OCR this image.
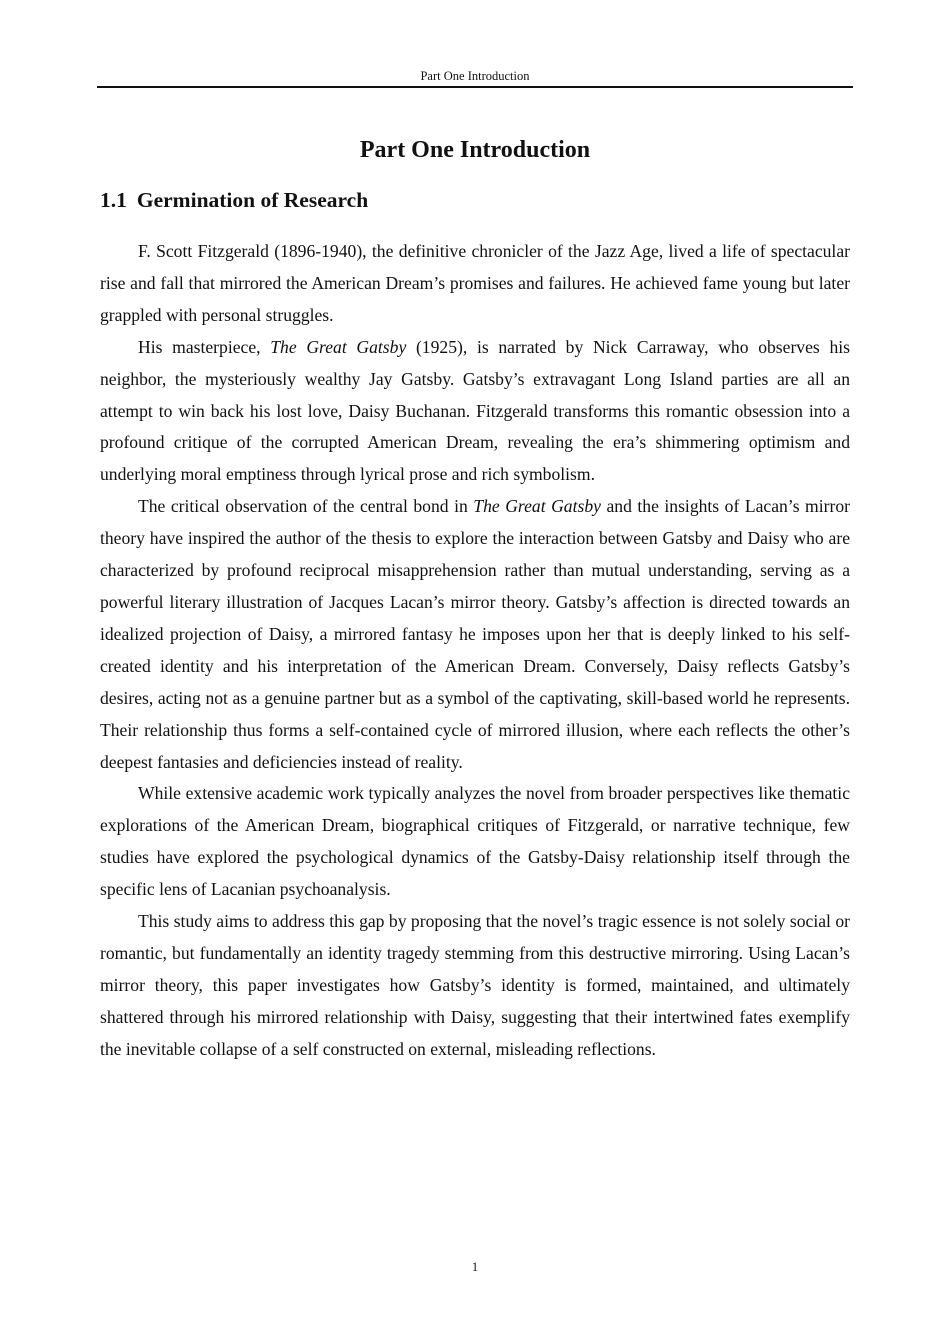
Part One Introduction
Part One Introduction
1.1 Germination of Research

F. Scott Fitzgerald (1896-1940), the definitive chronicler of the Jazz Age, lived a life of spectacular rise and fall that mirrored the American Dream’s promises and failures. He achieved fame young but later grappled with personal struggles.

His masterpiece, The Great Gatsby (1925), is narrated by Nick Carraway, who observes his neighbor, the mysteriously wealthy Jay Gatsby. Gatsby’s extravagant Long Island parties are all an attempt to win back his lost love, Daisy Buchanan. Fitzgerald transforms this romantic obsession into a profound critique of the corrupted American Dream, revealing the era’s shimmering optimism and underlying moral emptiness through lyrical prose and rich symbolism.

The critical observation of the central bond in The Great Gatsby and the insights of Lacan’s mirror theory have inspired the author of the thesis to explore the interaction between Gatsby and Daisy who are characterized by profound reciprocal misapprehension rather than mutual understanding, serving as a powerful literary illustration of Jacques Lacan’s mirror theory. Gatsby’s affection is directed towards an idealized projection of Daisy, a mirrored fantasy he imposes upon her that is deeply linked to his self-created identity and his interpretation of the American Dream. Conversely, Daisy reflects Gatsby’s desires, acting not as a genuine partner but as a symbol of the captivating, skill-based world he represents. Their relationship thus forms a self-contained cycle of mirrored illusion, where each reflects the other’s deepest fantasies and deficiencies instead of reality.

While extensive academic work typically analyzes the novel from broader perspectives like thematic explorations of the American Dream, biographical critiques of Fitzgerald, or narrative technique, few studies have explored the psychological dynamics of the Gatsby-Daisy relationship itself through the specific lens of Lacanian psychoanalysis.

This study aims to address this gap by proposing that the novel’s tragic essence is not solely social or romantic, but fundamentally an identity tragedy stemming from this destructive mirroring. Using Lacan’s mirror theory, this paper investigates how Gatsby’s identity is formed, maintained, and ultimately shattered through his mirrored relationship with Daisy, suggesting that their intertwined fates exemplify the inevitable collapse of a self constructed on external, misleading reflections.

1
